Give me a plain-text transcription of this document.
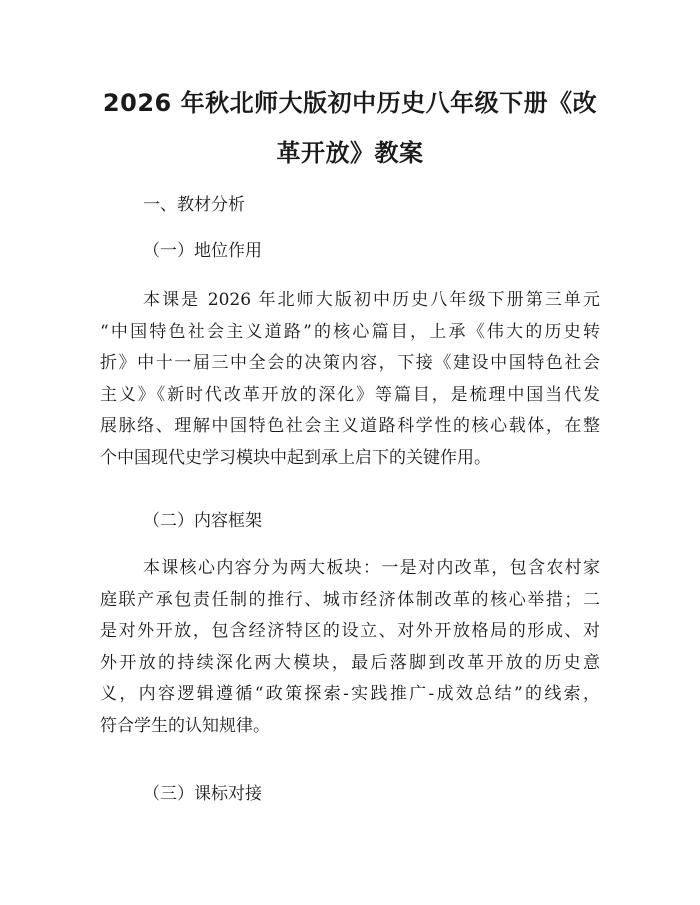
2026 年秋北师大版初中历史八年级下册《改
革开放》教案
一、教材分析
（一）地位作用

本课是 2026 年北师大版初中历史八年级下册第三单元
“中国特色社会主义道路”的核心篇目，上承《伟大的历史转
折》中十一届三中全会的决策内容，下接《建设中国特色社会
主义》《新时代改革开放的深化》等篇目，是梳理中国当代发
展脉络、理解中国特色社会主义道路科学性的核心载体，在整
个中国现代史学习模块中起到承上启下的关键作用。

（二）内容框架

本课核心内容分为两大板块：一是对内改革，包含农村家
庭联产承包责任制的推行、城市经济体制改革的核心举措；二
是对外开放，包含经济特区的设立、对外开放格局的形成、对
外开放的持续深化两大模块，最后落脚到改革开放的历史意
义，内容逻辑遵循“政策探索-实践推广-成效总结”的线索，
符合学生的认知规律。

（三）课标对接
